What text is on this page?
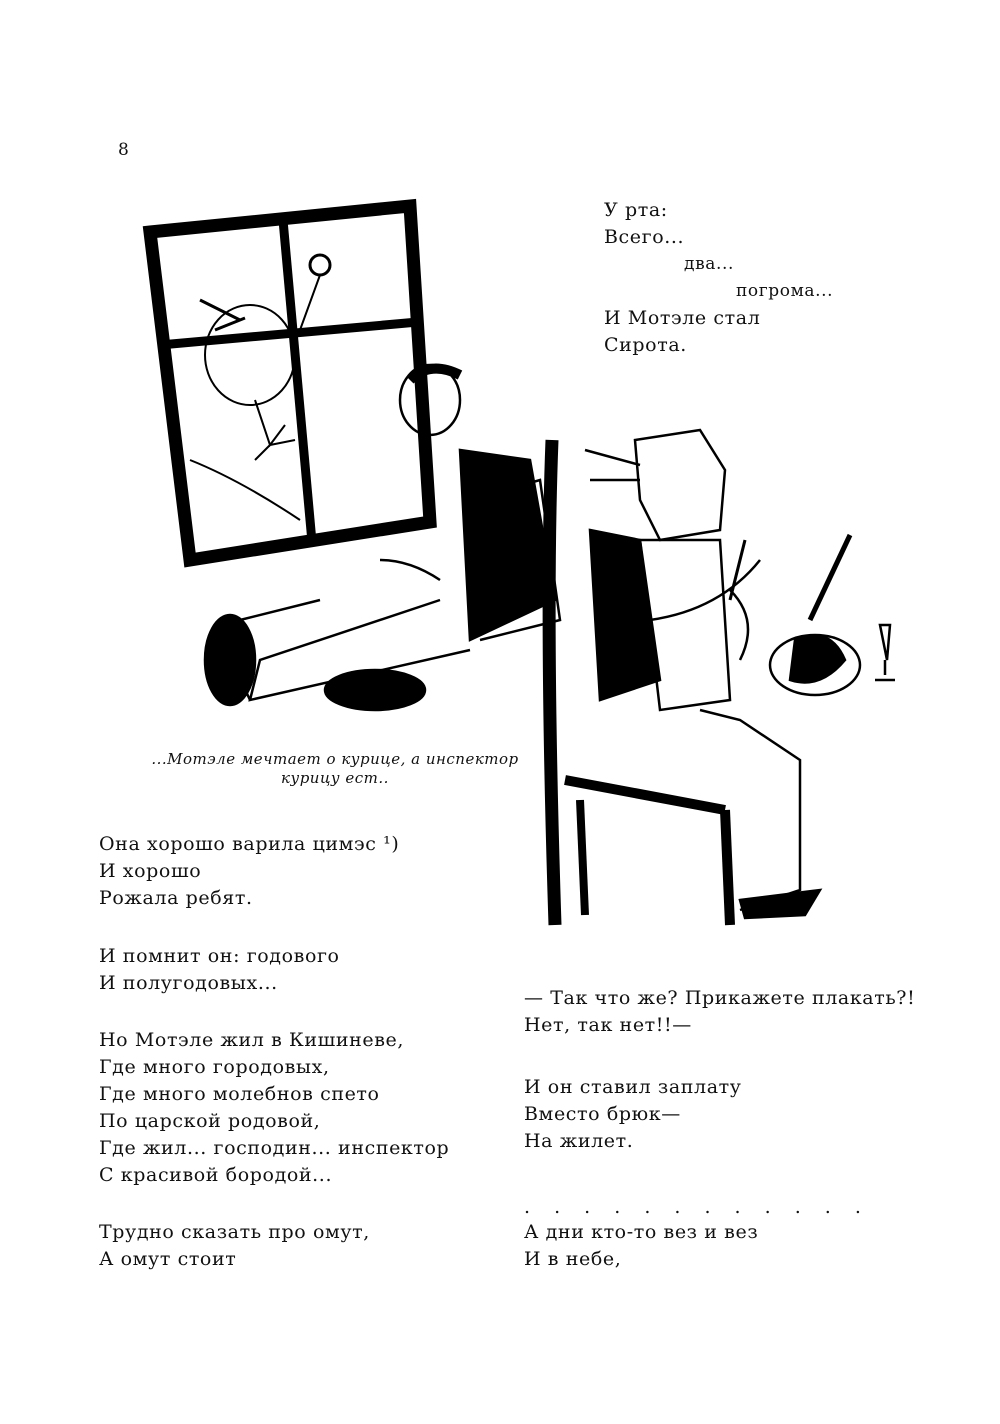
8
У рта:
Всего...
два...
погрома...
И Мотэле стал
Сирота.
...Мотэле мечтает о курице, а инспектор
курицу ест..
Она хорошо варила цимэс ¹)
И хорошо
Рожала ребят.
И помнит он: годового
И полугодовых...
Но Мотэле жил в Кишиневе,
Где много городовых,
Где много молебнов спето
По царской родовой,
Где жил... господин... инспектор
С красивой бородой...
Трудно сказать про омут,
А омут стоит
— Так что же? Прикажете плакать?!
Нет, так нет!!—
И он ставил заплату
Вместо брюк—
На жилет.
. . . . . . . . . . . .
А дни кто-то вез и вез
И в небе,
